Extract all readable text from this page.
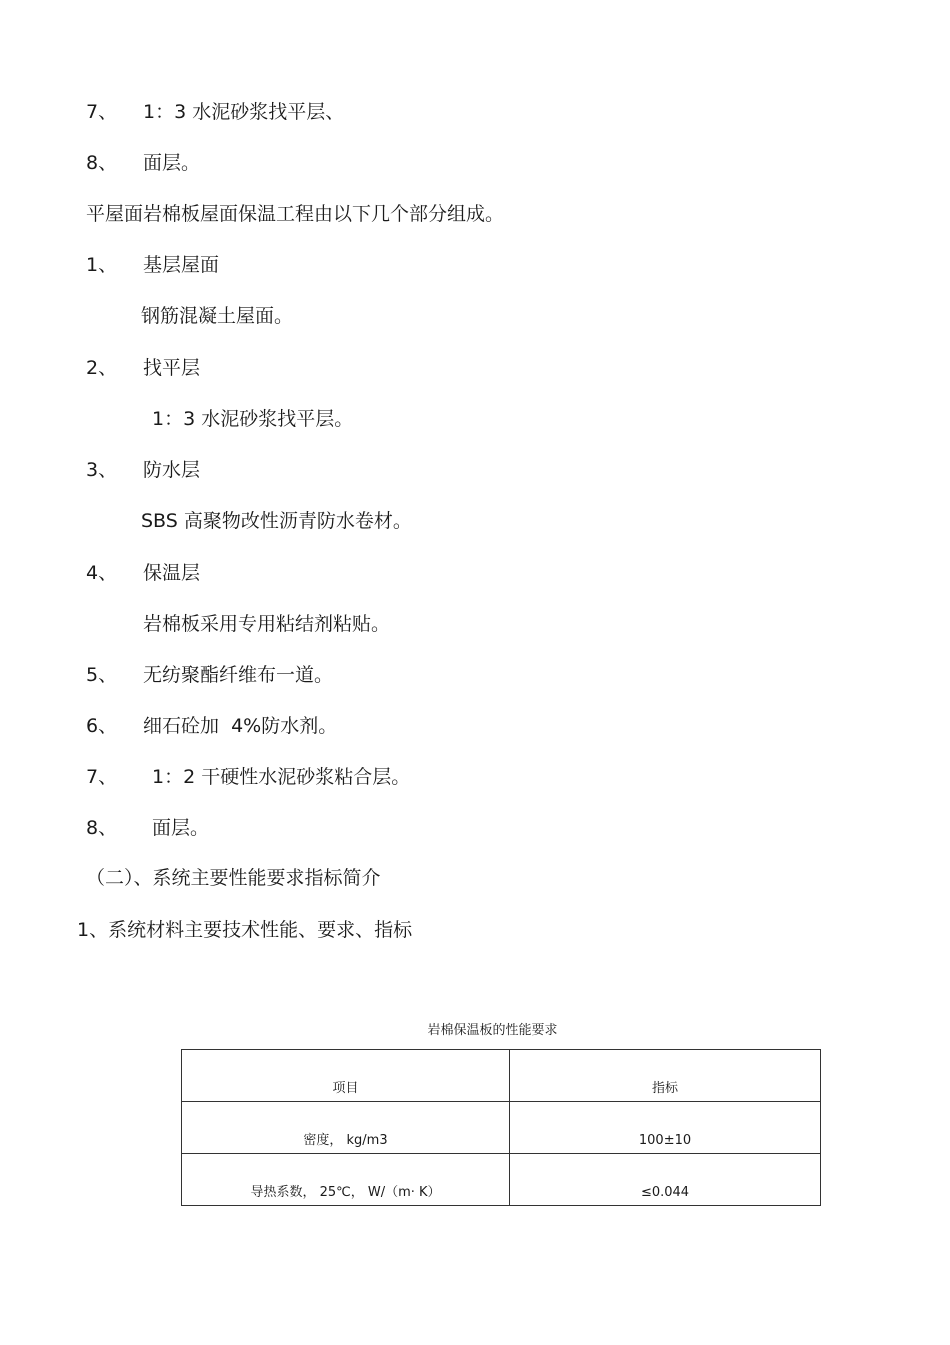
7、 1：3 水泥砂浆找平层、
8、 面层。
平屋面岩棉板屋面保温工程由以下几个部分组成。
1、 基层屋面
钢筋混凝土屋面。
2、 找平层
1：3 水泥砂浆找平层。
3、 防水层
SBS 高聚物改性沥青防水卷材。
4、 保温层
岩棉板采用专用粘结剂粘贴。
5、 无纺聚酯纤维布一道。
6、 细石砼加  4%防水剂。
7、 1：2 干硬性水泥砂浆粘合层。
8、 面层。
（二）、系统主要性能要求指标简介
1、系统材料主要技术性能、要求、指标
岩棉保温板的性能要求
项目	指标
密度， kg/m3	100±10
导热系数， 25℃， W/（m· K）	≤0.044
